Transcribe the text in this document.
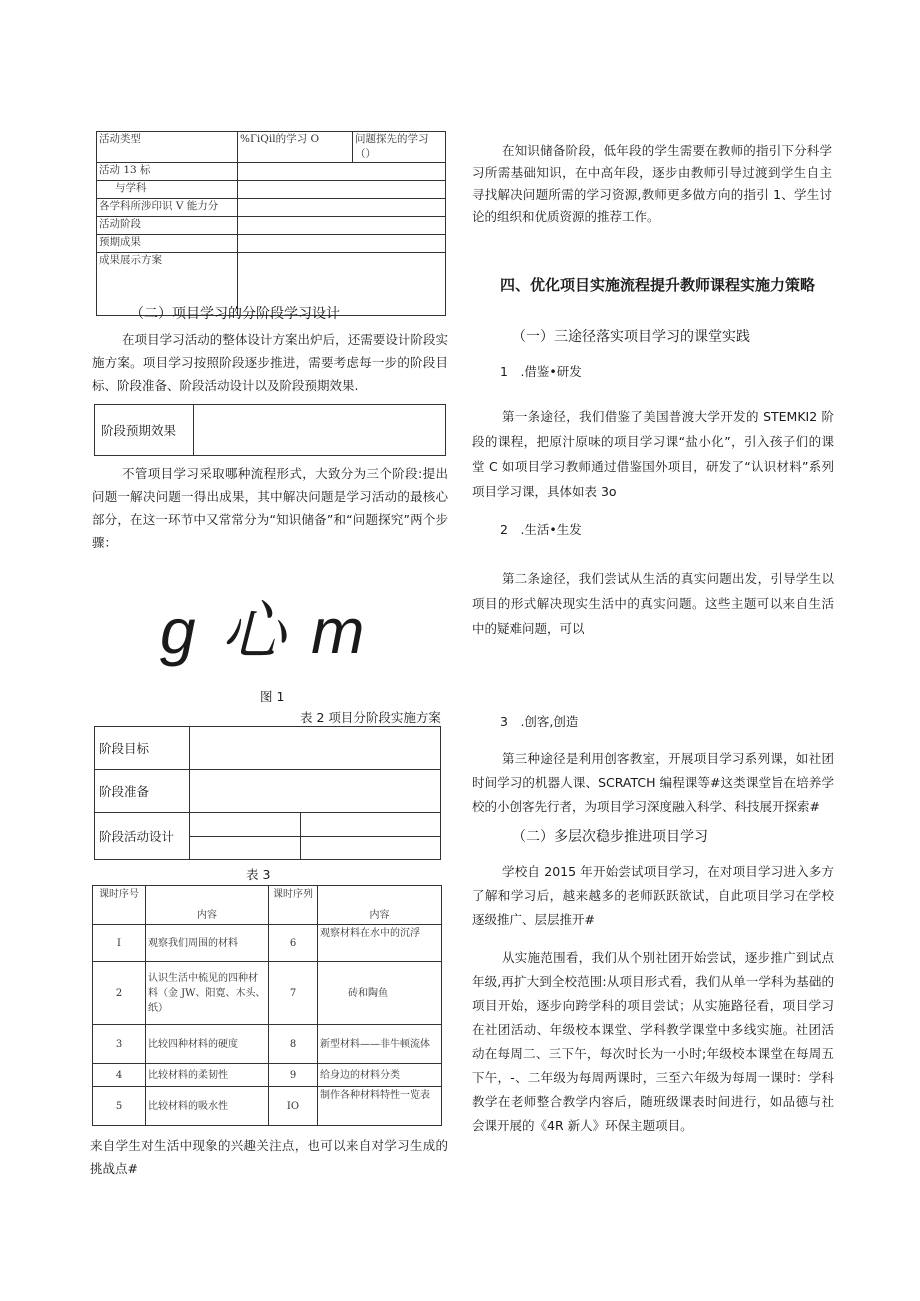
活动类型	%ГiQil的学习 O	问题探先的学习（）
活动 13 标		
与学科		
各学科所涉印识 V 能力分		
活动阶段		
预期成果		
成果展示方案		
（二）项目学习的分阶段学习设计
在项目学习活动的整体设计方案出炉后，还需要设计阶段实施方案。项目学习按照阶段逐步推进，需要考虑每一步的阶段目标、阶段准备、阶段活动设计以及阶段预期效果.
阶段预期效果	
不管项目学习采取哪种流程形式，大致分为三个阶段:提出问题一解决问题一得出成果，其中解决问题是学习活动的最核心部分，在这一环节中又常常分为“知识储备”和“问题探究”两个步骤：
g 心 m
图 1
表 2 项目分阶段实施方案
阶段目标		
阶段准备		
阶段活动设计		

表 3
课时序号	内容	课时序列	内容
I	观察我们周围的材料	6	观察材料在水中的沉浮
2	认识生活中梳见的四种材料（金 JW、阳寛、木头、纸）	7	砖和陶鱼
3	比较四种材料的硬度	8	新型材料——非牛顿流体
4	比较材料的柔韧性	9	给身边的材料分类
5	比较材料的吸水性	IO	制作各种材料特性一览表
来自学生对生活中现象的兴趣关注点，也可以来自对学习生成的挑战点#
在知识储备阶段，低年段的学生需要在教师的指引下分科学习所需基础知识，在中高年段，逐步由教师引导过渡到学生自主寻找解决问题所需的学习资源,教师更多做方向的指引 1、学生讨论的组织和优质资源的推荐工作。
四、优化项目实施流程提升教师课程实施力策略
（一）三途径落实项目学习的课堂实践
1　.借鉴•研发
第一条途径，我们借鉴了美国普渡大学开发的 STEMKI2 阶段的课程，把原汁原味的项目学习课“盐小化”，引入孩子们的课堂 C 如项目学习教师通过借鉴国外项目，研发了“认识材料”系列项目学习课，具体如表 3o
2　.生活•生发
第二条途径，我们尝试从生活的真实问题出发，引导学生以项目的形式解决现实生活中的真实问题。这些主题可以来自生活中的疑难问题，可以
3　.创客,创造
第三种途径是利用创客教室，开展项目学习系列课，如社团时间学习的机器人课、SCRATCH 编程课等#这类课堂旨在培养学校的小创客先行者，为项目学习深度融入科学、科技展开探索#
（二）多层次稳步推进项目学习
学校自 2015 年开始尝试项目学习，在对项目学习进入多方了解和学习后，越来越多的老师跃跃欲试，自此项目学习在学校逐级推广、层层推开#
从实施范围看，我们从个别社团开始尝试，逐步推广到试点年级,再扩大到全校范围:从项目形式看，我们从单一学科为基础的项目开始，逐步向跨学科的项目尝试；从实施路径看，项目学习在社团活动、年级校本课堂、学科教学课堂中多线实施。社团活动在每周二、三下午，每次时长为一小时;年级校本课堂在每周五下午，-、二年级为每周两课时，三至六年级为每周一课时：学科教学在老师整合教学内容后，随班级课表时间进行，如品德与社会课开展的《4R 新人》环保主题项目。
